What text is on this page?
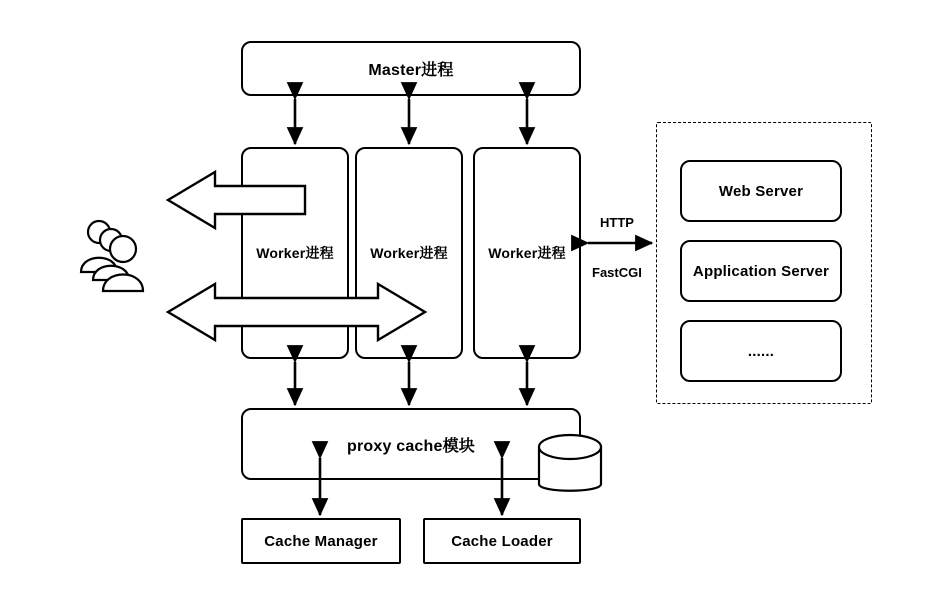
Master进程
Worker进程	Worker进程	Worker进程
proxy cache模块
Cache Manager	Cache Loader
Web Server
Application Server
......
HTTP
FastCGI
